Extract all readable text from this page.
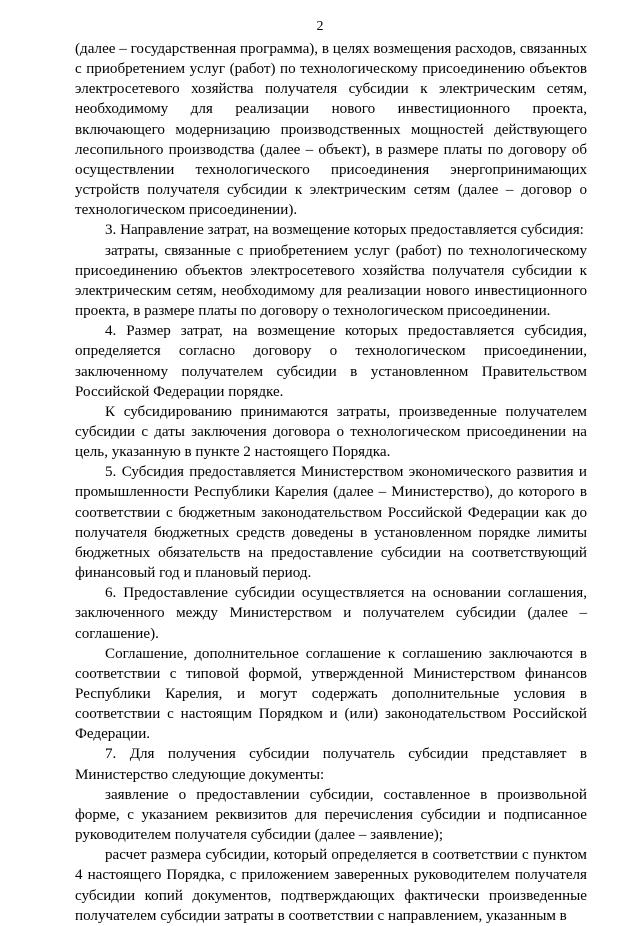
2

(далее – государственная программа), в целях возмещения расходов, связанных с приобретением услуг (работ) по технологическому присоединению объектов электросетевого хозяйства получателя субсидии к электрическим сетям, необходимому для реализации нового инвестиционного проекта, включающего модернизацию производственных мощностей действующего лесопильного производства (далее – объект), в размере платы по договору об осуществлении технологического присоединения энергопринимающих устройств получателя субсидии к электрическим сетям (далее – договор о технологическом присоединении).

3. Направление затрат, на возмещение которых предоставляется субсидия:

затраты, связанные с приобретением услуг (работ) по технологическому присоединению объектов электросетевого хозяйства получателя субсидии к электрическим сетям, необходимому для реализации нового инвестиционного проекта, в размере платы по договору о технологическом присоединении.

4. Размер затрат, на возмещение которых предоставляется субсидия, определяется согласно договору о технологическом присоединении, заключенному получателем субсидии в установленном Правительством Российской Федерации порядке.

К субсидированию принимаются затраты, произведенные получателем субсидии с даты заключения договора о технологическом присоединении на цель, указанную в пункте 2 настоящего Порядка.

5. Субсидия предоставляется Министерством экономического развития и промышленности Республики Карелия (далее – Министерство), до которого в соответствии с бюджетным законодательством Российской Федерации как до получателя бюджетных средств доведены в установленном порядке лимиты бюджетных обязательств на предоставление субсидии на соответствующий финансовый год и плановый период.

6. Предоставление субсидии осуществляется на основании соглашения, заключенного между Министерством и получателем субсидии (далее – соглашение).

Соглашение, дополнительное соглашение к соглашению заключаются в соответствии с типовой формой, утвержденной Министерством финансов Республики Карелия, и могут содержать дополнительные условия в соответствии с настоящим Порядком и (или) законодательством Российской Федерации.

7. Для получения субсидии получатель субсидии представляет в Министерство следующие документы:

заявление о предоставлении субсидии, составленное в произвольной форме, с указанием реквизитов для перечисления субсидии и подписанное руководителем получателя субсидии (далее – заявление);

расчет размера субсидии, который определяется в соответствии с пунктом 4 настоящего Порядка, с приложением заверенных руководителем получателя субсидии копий документов, подтверждающих фактически произведенные получателем субсидии затраты в соответствии с направлением, указанным в
